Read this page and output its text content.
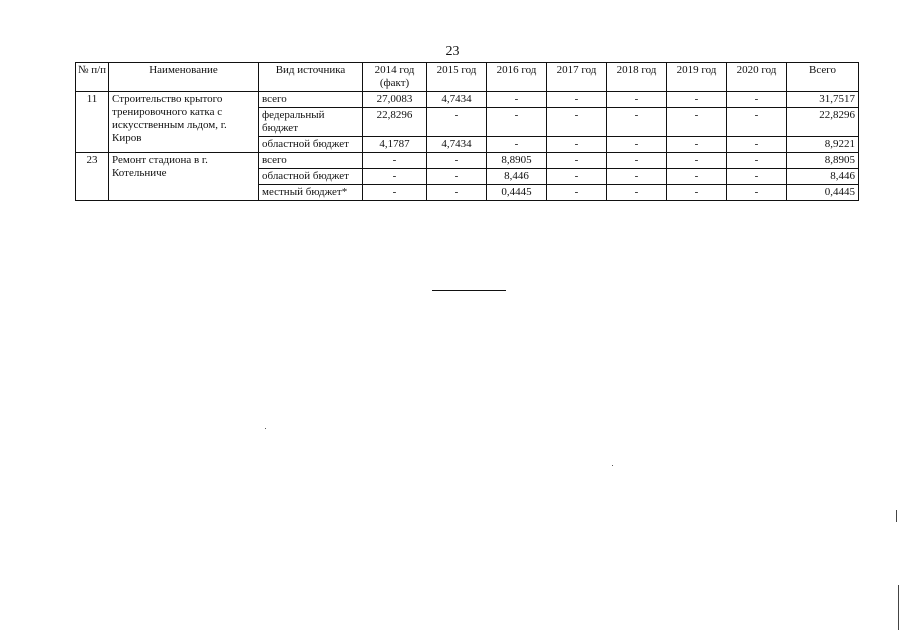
23
№ п/п	Наименование	Вид источника	2014 год (факт)	2015 год	2016 год	2017 год	2018 год	2019 год	2020 год	Всего
11	Строительство крытого тренировочного катка с искусственным льдом, г. Киров	всего	27,0083	4,7434	-	-	-	-	-	31,7517
		федеральный бюджет	22,8296	-	-	-	-	-	-	22,8296
		областной бюджет	4,1787	4,7434	-	-	-	-	-	8,9221
23	Ремонт стадиона в г. Котельниче	всего	-	-	8,8905	-	-	-	-	8,8905
		областной бюджет	-	-	8,446	-	-	-	-	8,446
		местный бюджет*	-	-	0,4445	-	-	-	-	0,4445
